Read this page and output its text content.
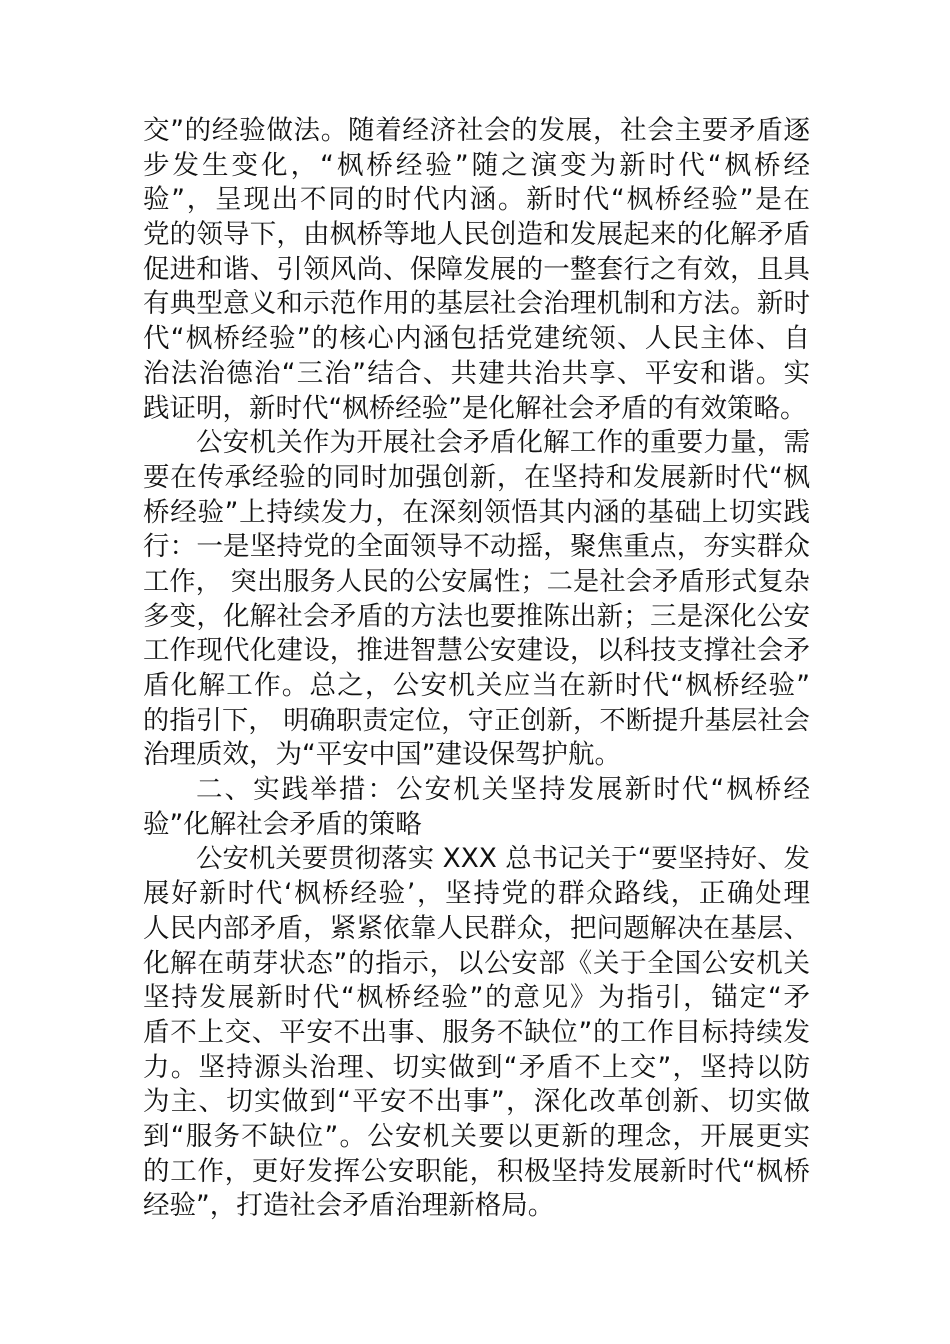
交”的经验做法。随着经济社会的发展，社会主要矛盾逐
步发生变化，“枫桥经验”随之演变为新时代“枫桥经
验”，呈现出不同的时代内涵。新时代“枫桥经验”是在
党的领导下，由枫桥等地人民创造和发展起来的化解矛盾
促进和谐、引领风尚、保障发展的一整套行之有效，且具
有典型意义和示范作用的基层社会治理机制和方法。新时
代“枫桥经验”的核心内涵包括党建统领、人民主体、自
治法治德治“三治”结合、共建共治共享、平安和谐。实
践证明，新时代“枫桥经验”是化解社会矛盾的有效策略。
公安机关作为开展社会矛盾化解工作的重要力量，需
要在传承经验的同时加强创新，在坚持和发展新时代“枫
桥经验”上持续发力，在深刻领悟其内涵的基础上切实践
行：一是坚持党的全面领导不动摇，聚焦重点，夯实群众
工作， 突出服务人民的公安属性；二是社会矛盾形式复杂
多变，化解社会矛盾的方法也要推陈出新；三是深化公安
工作现代化建设，推进智慧公安建设，以科技支撑社会矛
盾化解工作。总之，公安机关应当在新时代“枫桥经验”
的指引下， 明确职责定位，守正创新，不断提升基层社会
治理质效，为“平安中国”建设保驾护航。
二、实践举措：公安机关坚持发展新时代“枫桥经
验”化解社会矛盾的策略
公安机关要贯彻落实 XXX 总书记关于“要坚持好、发
展好新时代‘枫桥经验’，坚持党的群众路线，正确处理
人民内部矛盾，紧紧依靠人民群众，把问题解决在基层、
化解在萌芽状态”的指示，以公安部《关于全国公安机关
坚持发展新时代“枫桥经验”的意见》为指引，锚定“矛
盾不上交、平安不出事、服务不缺位”的工作目标持续发
力。坚持源头治理、切实做到“矛盾不上交”，坚持以防
为主、切实做到“平安不出事”，深化改革创新、切实做
到“服务不缺位”。公安机关要以更新的理念，开展更实
的工作，更好发挥公安职能，积极坚持发展新时代“枫桥
经验”，打造社会矛盾治理新格局。
